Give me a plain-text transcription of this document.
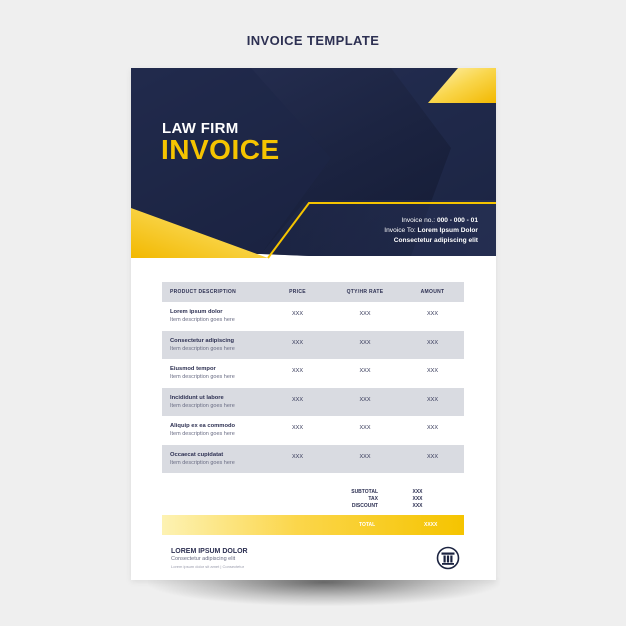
INVOICE TEMPLATE
LAW FIRM
INVOICE
Invoice no.: 000 - 000 - 01
Invoice To: Lorem Ipsum Dolor
Consectetur adipiscing elit
PRODUCT DESCRIPTION	PRICE	QTY/HR RATE	AMOUNT
Lorem ipsum dolor
Item description goes here
XXX	XXX	XXX
Consectetur adipiscing
Item description goes here
XXX	XXX	XXX
Eiusmod tempor
Item description goes here
XXX	XXX	XXX
Incididunt ut labore
Item description goes here
XXX	XXX	XXX
Aliquip ex ea commodo
Item description goes here
XXX	XXX	XXX
Occaecat cupidatat
Item description goes here
XXX	XXX	XXX
SUBTOTAL	XXX
TAX	XXX
DISCOUNT	XXX
TOTAL	XXXX
LOREM IPSUM DOLOR
Consectetur adipiscing elit
Lorem ipsum dolor sit amet | Consectetur
